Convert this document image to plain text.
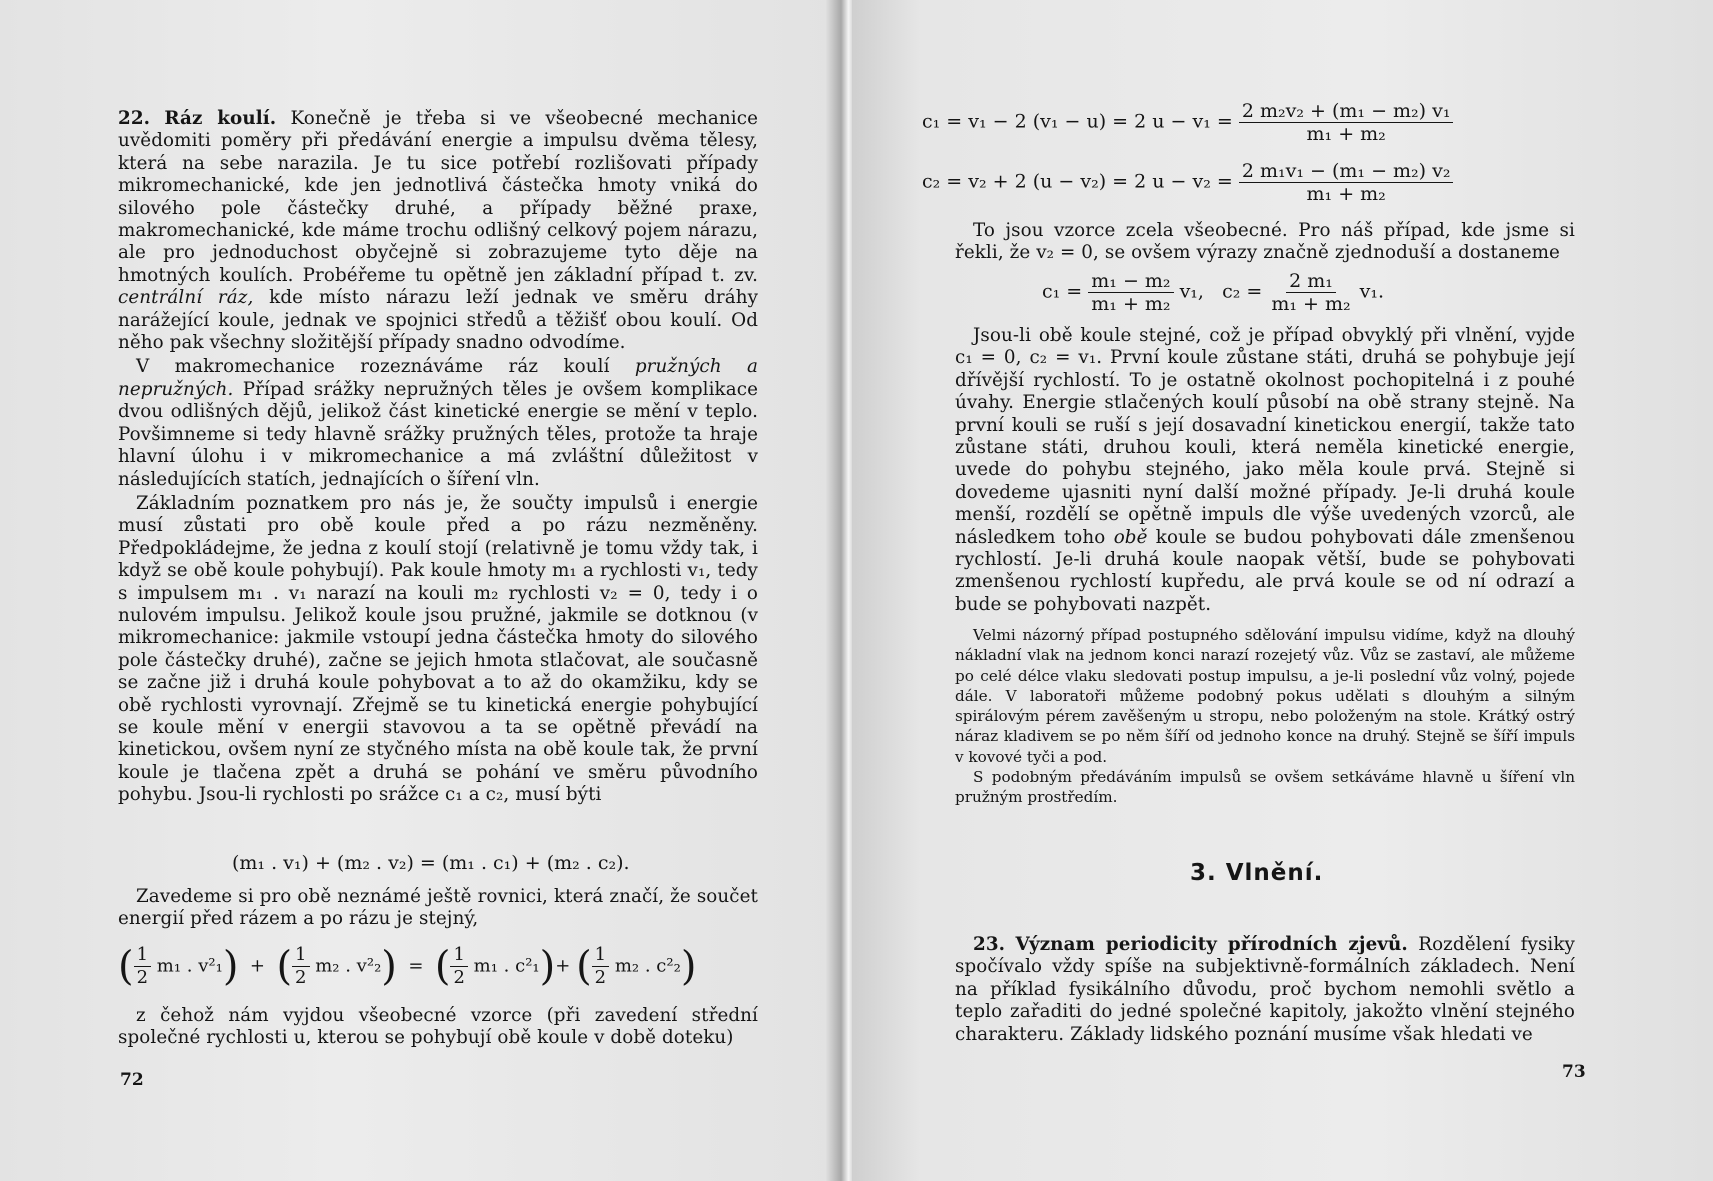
22. Ráz koulí. Konečně je třeba si ve všeobecné mechanice uvědomiti poměry při předávání energie a impulsu dvěma tělesy, která na sebe narazila. Je tu sice potřebí rozlišovati případy mikromechanické, kde jen jednotlivá částečka hmoty vniká do silového pole částečky druhé, a případy běžné praxe, makromechanické, kde máme trochu odlišný celkový pojem nárazu, ale pro jednoduchost obyčejně si zobrazujeme tyto děje na hmotných koulích. Probéřeme tu opětně jen základní případ t. zv. centrální ráz, kde místo nárazu leží jednak ve směru dráhy narážející koule, jednak ve spojnici středů a těžišť obou koulí. Od něho pak všechny složitější případy snadno odvodíme.

V makromechanice rozeznáváme ráz koulí pružných a nepružných. Případ srážky nepružných těles je ovšem komplikace dvou odlišných dějů, jelikož část kinetické energie se mění v teplo. Povšimneme si tedy hlavně srážky pružných těles, protože ta hraje hlavní úlohu i v mikromechanice a má zvláštní důležitost v následujících statích, jednajících o šíření vln.

Základním poznatkem pro nás je, že součty impulsů i energie musí zůstati pro obě koule před a po rázu nezměněny. Předpokládejme, že jedna z koulí stojí (relativně je tomu vždy tak, i když se obě koule pohybují). Pak koule hmoty m₁ a rychlosti v₁, tedy s impulsem m₁ . v₁ narazí na kouli m₂ rychlosti v₂ = 0, tedy i o nulovém impulsu. Jelikož koule jsou pružné, jakmile se dotknou (v mikromechanice: jakmile vstoupí jedna částečka hmoty do silového pole částečky druhé), začne se jejich hmota stlačovat, ale současně se začne již i druhá koule pohybovat a to až do okamžiku, kdy se obě rychlosti vyrovnají. Zřejmě se tu kinetická energie pohybující se koule mění v energii stavovou a ta se opětně převádí na kinetickou, ovšem nyní ze styčného místa na obě koule tak, že první koule je tlačena zpět a druhá se pohání ve směru původního pohybu. Jsou-li rychlosti po srážce c₁ a c₂, musí býti

(m₁ . v₁) + (m₂ . v₂) = (m₁ . c₁) + (m₂ . c₂).

Zavedeme si pro obě neznámé ještě rovnici, která značí, že součet energií před rázem a po rázu je stejný,

( $\frac{1}{2} m_1$ . v²₁)  +  ( $\frac{1}{2} m_2$ . v²₂)  =  ( $\frac{1}{2} m_1$ . c²₁)+ ( $\frac{1}{2} m_2$ . c²₂)

z čehož nám vyjdou všeobecné vzorce (při zavedení střední společné rychlosti u, kterou se pohybují obě koule v době doteku)

72
c₁ = v₁ − 2 (v₁ − u) = 2 $u - v_1 = \frac{\text{2 m₂v₂ + (m₁ − m₂) v₁}}{\text{m₁ + m₂}}$
c₂ = v₂ + 2 (u − v₂) = 2 $u - v_2 = \frac{\text{2 m₁v₁ − (m₁ − m₂) v₂}}{\text{m₁ + m₂}}$

To jsou vzorce zcela všeobecné. Pro náš případ, kde jsme si řekli, že v₂ = 0, se ovšem výrazy značně zjednoduší a dostaneme

$c_1 = \frac{\text{m₁ − m₂}}{\text{m₁ + m₂}} v_1$, $c_2 = \frac{\text{2 m₁}}{\text{m₁ + m₂}} v_1$.

Jsou-li obě koule stejné, což je případ obvyklý při vlnění, vyjde c₁ = 0, c₂ = v₁. První koule zůstane státi, druhá se pohybuje její dřívější rychlostí. To je ostatně okolnost pochopitelná i z pouhé úvahy. Energie stlačených koulí působí na obě strany stejně. Na první kouli se ruší s její dosavadní kinetickou energií, takže tato zůstane státi, druhou kouli, která neměla kinetické energie, uvede do pohybu stejného, jako měla koule prvá. Stejně si dovedeme ujasniti nyní další možné případy. Je-li druhá koule menší, rozdělí se opětně impuls dle výše uvedených vzorců, ale následkem toho obě koule se budou pohybovati dále zmenšenou rychlostí. Je-li druhá koule naopak větší, bude se pohybovati zmenšenou rychlostí kupředu, ale prvá koule se od ní odrazí a bude se pohybovati nazpět.

Velmi názorný případ postupného sdělování impulsu vidíme, když na dlouhý nákladní vlak na jednom konci narazí rozejetý vůz. Vůz se zastaví, ale můžeme po celé délce vlaku sledovati postup impulsu, a je-li poslední vůz volný, pojede dále. V laboratoři můžeme podobný pokus udělati s dlouhým a silným spirálovým pérem zavěšeným u stropu, nebo položeným na stole. Krátký ostrý náraz kladivem se po něm šíří od jednoho konce na druhý. Stejně se šíří impuls v kovové tyči a pod.

S podobným předáváním impulsů se ovšem setkáváme hlavně u šíření vln pružným prostředím.

3. Vlnění.

23. Význam periodicity přírodních zjevů. Rozdělení fysiky spočívalo vždy spíše na subjektivně-formálních základech. Není na příklad fysikálního důvodu, proč bychom nemohli světlo a teplo zařaditi do jedné společné kapitoly, jakožto vlnění stejného charakteru. Základy lidského poznání musíme však hledati ve

73
